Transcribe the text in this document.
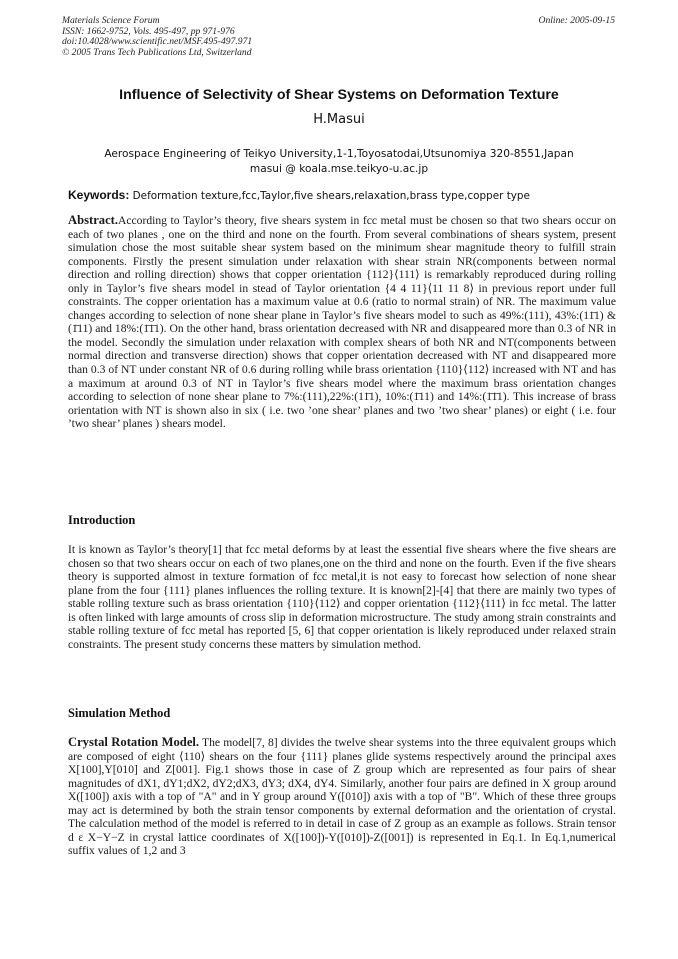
Materials Science Forum
ISSN: 1662-9752, Vols. 495-497, pp 971-976
doi:10.4028/www.scientific.net/MSF.495-497.971
© 2005 Trans Tech Publications Ltd, Switzerland
Online: 2005-09-15
Influence of Selectivity of Shear Systems on Deformation Texture
H.Masui
Aerospace Engineering of Teikyo University,1-1,Toyosatodai,Utsunomiya 320-8551,Japan
masui @ koala.mse.teikyo-u.ac.jp
Keywords: Deformation texture,fcc,Taylor,five shears,relaxation,brass type,copper type

Abstract.According to Taylor’s theory, five shears system in fcc metal must be chosen so that two shears occur on each of two planes , one on the third and none on the fourth. From several combinations of shears system, present simulation chose the most suitable shear system based on the minimum shear magnitude theory to fulfill strain components. Firstly the present simulation under relaxation with shear strain NR(components between normal direction and rolling direction) shows that copper orientation {112}⟨111⟩ is remarkably reproduced during rolling only in Taylor’s five shears model in stead of Taylor orientation {4 4 11}⟨11 11 8⟩ in previous report under full constraints. The copper orientation has a maximum value at 0.6 (ratio to normal strain) of NR. The maximum value changes according to selection of none shear plane in Taylor’s five shears model to such as 49%:(111), 43%:(11̄1) & (1̄11) and 18%:(1̄1̄1). On the other hand, brass orientation decreased with NR and disappeared more than 0.3 of NR in the model. Secondly the simulation under relaxation with complex shears of both NR and NT(components between normal direction and transverse direction) shows that copper orientation decreased with NT and disappeared more than 0.3 of NT under constant NR of 0.6 during rolling while brass orientation {110}⟨112⟩ increased with NT and has a maximum at around 0.3 of NT in Taylor’s five shears model where the maximum brass orientation changes according to selection of none shear plane to 7%:(111),22%:(11̄1), 10%:(1̄11) and 14%:(1̄1̄1). This increase of brass orientation with NT is shown also in six ( i.e. two ’one shear’ planes and two ’two shear’ planes) or eight ( i.e. four ’two shear’ planes ) shears model.

Introduction

It is known as Taylor’s theory[1] that fcc metal deforms by at least the essential five shears where the five shears are chosen so that two shears occur on each of two planes,one on the third and none on the fourth. Even if the five shears theory is supported almost in texture formation of fcc metal,it is not easy to forecast how selection of none shear plane from the four {111} planes influences the rolling texture. It is known[2]-[4] that there are mainly two types of stable rolling texture such as brass orientation {110}⟨112⟩ and copper orientation {112}⟨111⟩ in fcc metal. The latter is often linked with large amounts of cross slip in deformation microstructure. The study among strain constraints and stable rolling texture of fcc metal has reported [5, 6] that copper orientation is likely reproduced under relaxed strain constraints. The present study concerns these matters by simulation method.

Simulation Method

Crystal Rotation Model. The model[7, 8] divides the twelve shear systems into the three equivalent groups which are composed of eight ⟨110⟩ shears on the four {111} planes glide systems respectively around the principal axes X[100],Y[010] and Z[001]. Fig.1 shows those in case of Z group which are represented as four pairs of shear magnitudes of dX1, dY1;dX2, dY2;dX3, dY3; dX4, dY4. Similarly, another four pairs are defined in X group around X([100]) axis with a top of "A" and in Y group around Y([010]) axis with a top of "B". Which of these three groups may act is determined by both the strain tensor components by external deformation and the orientation of crystal. The calculation method of the model is referred to in detail in case of Z group as an example as follows. Strain tensor d ε X−Y−Z in crystal lattice coordinates of X([100])-Y([010])-Z([001]) is represented in Eq.1. In Eq.1,numerical suffix values of 1,2 and 3
